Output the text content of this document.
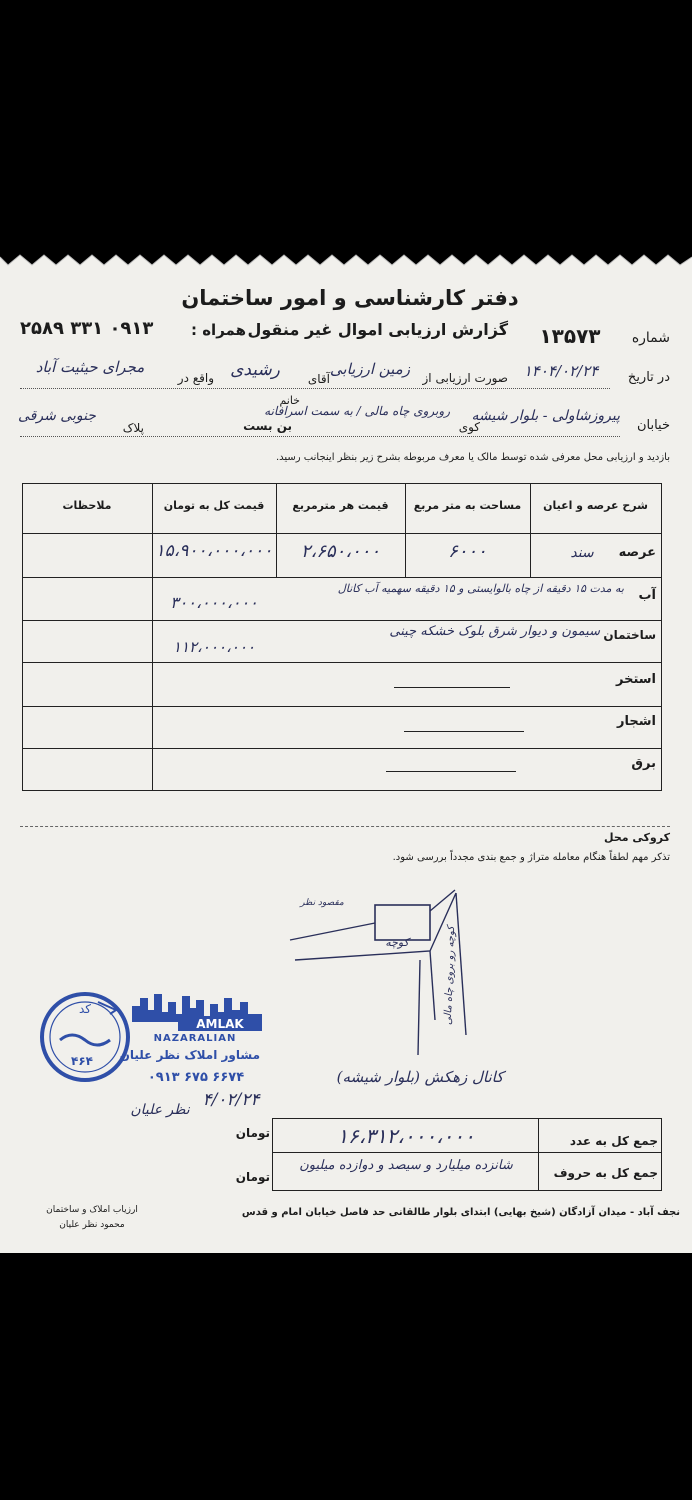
دفتر کارشناسی و امور ساختمان
گزارش ارزیابی اموال غیر منقول
همراه :
۲۵۸۹ ۳۳۱ ۰۹۱۳	شماره
۱۳۵۷۳
در تاریخ
۱۴۰۴/۰۲/۲۴
صورت ارزیابی از
زمین ارزیابی
آقای
رشیدی
واقع در
مجرای حیثیت آباد
خانم
خیابان
پیروزشاولی - بلوار شیشه
کوی
روبروی چاه مالی / به سمت اسرافانه
بن بست
پلاک
جنوبی شرقی
بازدید و ارزیابی محل معرفی شده توسط مالک یا معرف مربوطه بشرح زیر بنظر اینجانب رسید.
شرح عرصه و اعیان
مساحت به متر مربع
قیمت هر مترمربع
قیمت کل به تومان
ملاحظات
عرصه
سند
۶۰۰۰
۲،۶۵۰،۰۰۰
۱۵،۹۰۰،۰۰۰،۰۰۰
آب
به مدت ۱۵ دقیقه از چاه بالوایستی و ۱۵ دقیقه سهمیه آب کانال
۳۰۰،۰۰۰،۰۰۰
ساختمان
سیمون و دیوار شرق بلوک خشکه چینی
۱۱۲،۰۰۰،۰۰۰
استخر
اشجار
برق
کروکی محل
تذکر مهم لطفاً هنگام معامله متراژ و جمع بندی مجدداً بررسی شود.
مقصود نظر
کوچه	کوچه رو بروی چاه مالی
کانال زهکش (بلوار شیشه)
کد
۴۶۴
AMLAK
NAZARALIAN
مشاور املاک نظر علیان
۰۹۱۳ ۶۷۵ ۶۶۷۴
۴/۰۲/۲۴
نظر علیان
جمع کل به عدد
۱۶،۳۱۲،۰۰۰،۰۰۰
تومان
جمع کل به حروف
شانزده میلیارد و سیصد و دوازده میلیون
تومان
ارزیاب املاک و ساختمان
محمود نظر علیان
نجف آباد - میدان آزادگان (شیخ بهایی) ابتدای بلوار طالقانی حد فاصل خیابان امام و قدس
